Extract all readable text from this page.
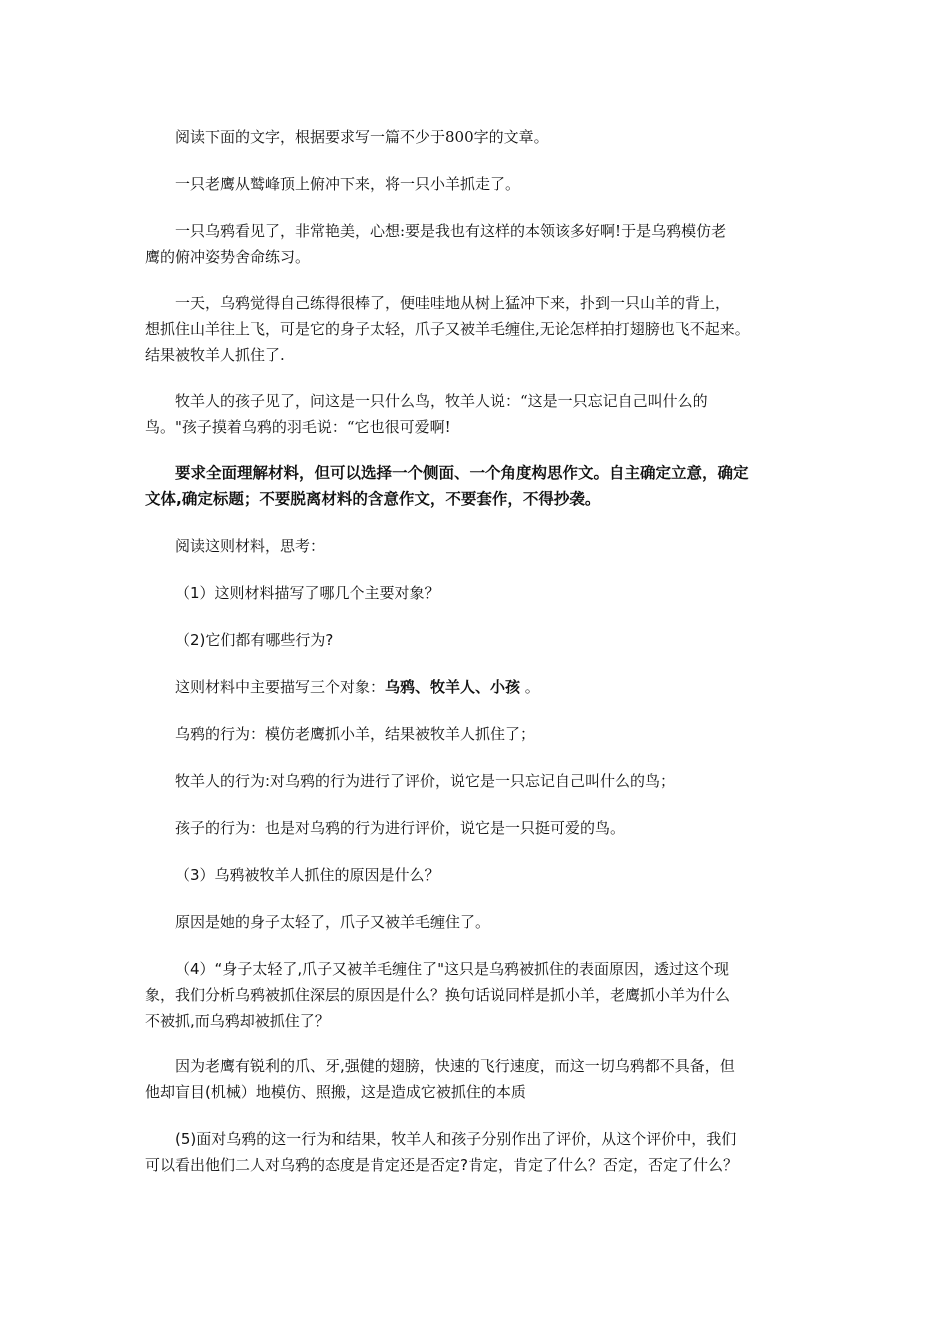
阅读下面的文字，根据要求写一篇不少于800字的文章。

一只老鹰从鹫峰顶上俯冲下来，将一只小羊抓走了。

一只乌鸦看见了，非常艳美，心想:要是我也有这样的本领该多好啊!于是乌鸦模仿老
鹰的俯冲姿势舍命练习。

一天，乌鸦觉得自己练得很棒了，便哇哇地从树上猛冲下来，扑到一只山羊的背上，
想抓住山羊往上飞，可是它的身子太轻，爪子又被羊毛缠住,无论怎样拍打翅膀也飞不起来。
结果被牧羊人抓住了.

牧羊人的孩子见了，问这是一只什么鸟，牧羊人说：“这是一只忘记自己叫什么的
鸟。"孩子摸着乌鸦的羽毛说：“它也很可爱啊!

要求全面理解材料，但可以选择一个侧面、一个角度构思作文。自主确定立意，确定
文体,确定标题；不要脱离材料的含意作文，不要套作，不得抄袭。

阅读这则材料，思考：

（1）这则材料描写了哪几个主要对象？

（2)它们都有哪些行为?

这则材料中主要描写三个对象：乌鸦、牧羊人、小孩 。

乌鸦的行为：模仿老鹰抓小羊，结果被牧羊人抓住了；

牧羊人的行为:对乌鸦的行为进行了评价，说它是一只忘记自己叫什么的鸟；

孩子的行为：也是对乌鸦的行为进行评价，说它是一只挺可爱的鸟。

（3）乌鸦被牧羊人抓住的原因是什么？

原因是她的身子太轻了，爪子又被羊毛缠住了。

（4）“身子太轻了,爪子又被羊毛缠住了"这只是乌鸦被抓住的表面原因，透过这个现
象，我们分析乌鸦被抓住深层的原因是什么？换句话说同样是抓小羊，老鹰抓小羊为什么
不被抓,而乌鸦却被抓住了？

因为老鹰有锐利的爪、牙,强健的翅膀，快速的飞行速度，而这一切乌鸦都不具备，但
他却盲目(机械）地模仿、照搬，这是造成它被抓住的本质

(5)面对乌鸦的这一行为和结果，牧羊人和孩子分别作出了评价，从这个评价中，我们
可以看出他们二人对乌鸦的态度是肯定还是否定?肯定，肯定了什么？否定，否定了什么？
